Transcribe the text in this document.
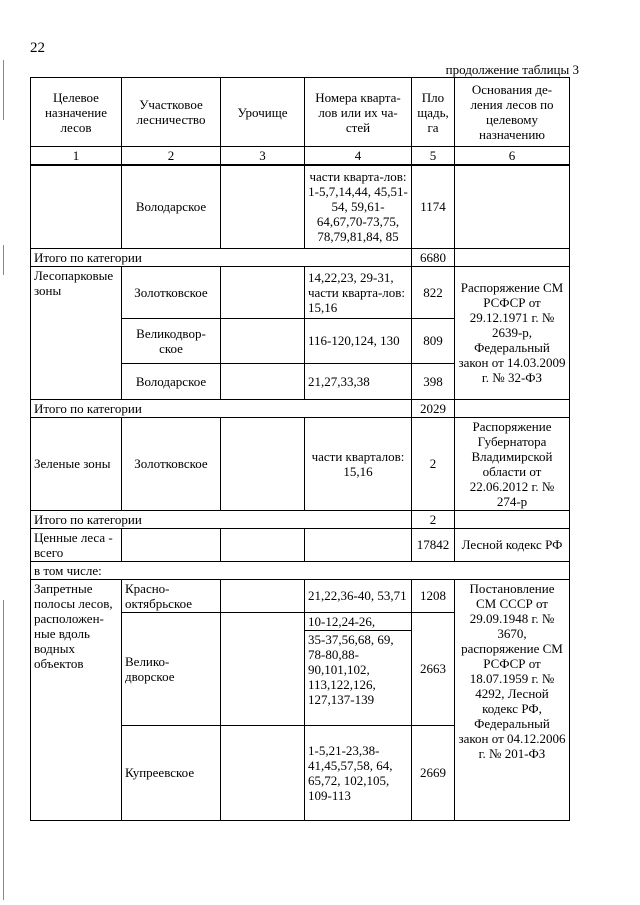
22
продолжение таблицы 3
Целевое назначение лесов	Участковое лесничество	Урочище	Номера кварта-лов или их ча-стей	Пло щадь, га	Основания де-ления лесов по целевому назначению
1	2	3	4	5	6
	Володарское		части кварта-лов: 1-5,7,14,44, 45,51-54, 59,61-64,67,70-73,75, 78,79,81,84, 85	1174	
Итого по категории				6680	
Лесопарковые зоны	Золотковское		14,22,23, 29-31, части кварта-лов: 15,16	822	Распоряжение СМ РСФСР от 29.12.1971 г. № 2639-р, Федеральный закон от 14.03.2009 г. № 32-ФЗ
	Великодвор-ское		116-120,124, 130	809	
	Володарское		21,27,33,38	398	
Итого по категории				2029	
Зеленые зоны	Золотковское		части кварталов: 15,16	2	Распоряжение Губернатора Владимирской области от 22.06.2012 г. № 274-р
Итого по категории				2	
Ценные леса - всего				17842	Лесной кодекс РФ
в том числе:					
Запретные полосы лесов, расположен-ные вдоль водных объектов	Красно-октябрьское		21,22,36-40, 53,71	1208	Постановление СМ СССР от 29.09.1948 г. № 3670, распоряжение СМ РСФСР от 18.07.1959 г. № 4292, Лесной кодекс РФ, Федеральный закон от 04.12.2006 г. № 201-ФЗ
	Велико-дворское		10-12,24-26,	2663	
			35-37,56,68, 69, 78-80,88-90,101,102, 113,122,126, 127,137-139		
	Купреевское		1-5,21-23,38-41,45,57,58, 64, 65,72, 102,105, 109-113	2669	
